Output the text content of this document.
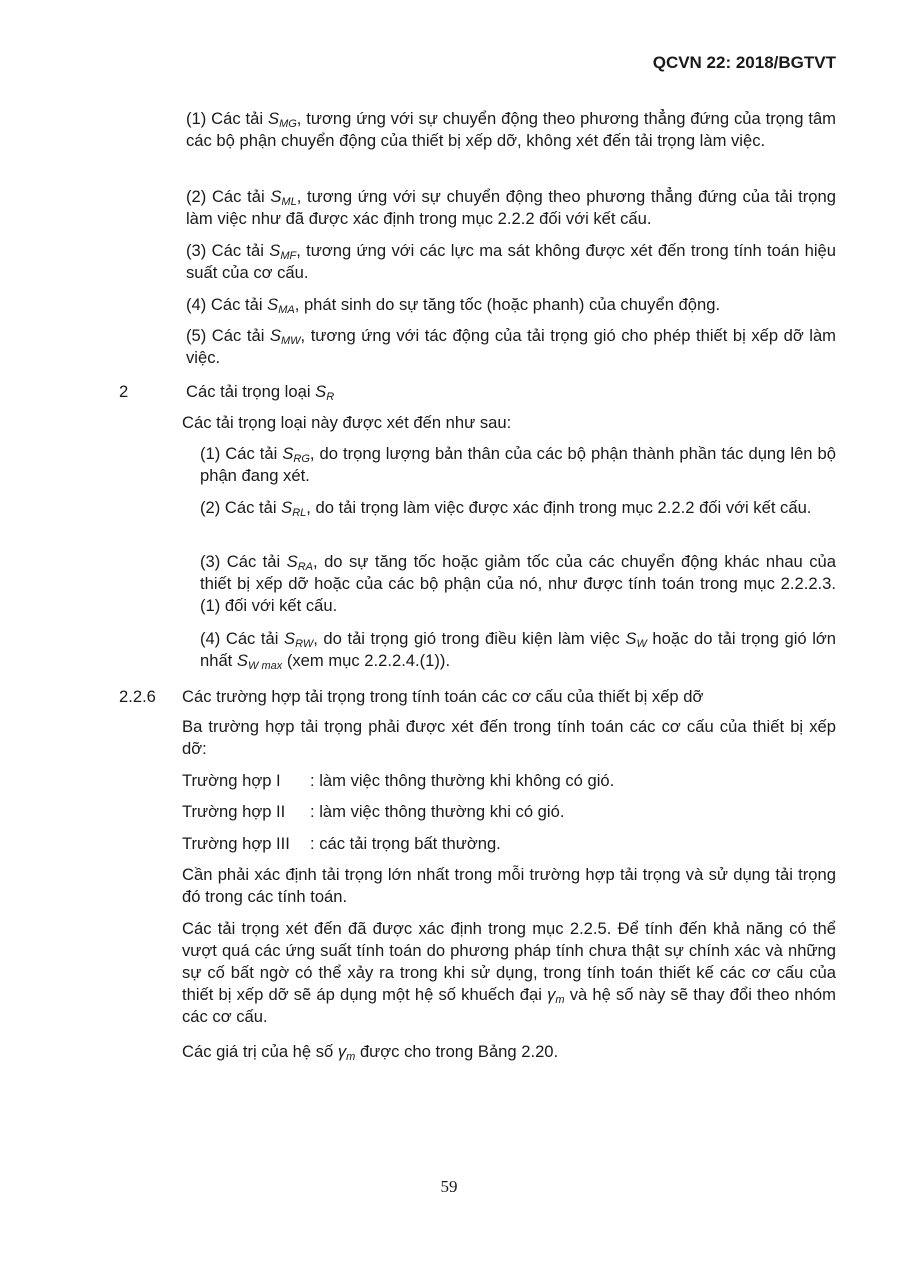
QCVN 22: 2018/BGTVT

(1) Các tải $S_{MG}$, tương ứng với sự chuyển động theo phương thẳng đứng của trọng tâm các bộ phận chuyển động của thiết bị xếp dỡ, không xét đến tải trọng làm việc.

(2) Các tải $S_{ML}$, tương ứng với sự chuyển động theo phương thẳng đứng của tải trọng làm việc như đã được xác định trong mục 2.2.2 đối với kết cấu.

(3) Các tải $S_{MF}$, tương ứng với các lực ma sát không được xét đến trong tính toán hiệu suất của cơ cấu.

(4) Các tải $S_{MA}$, phát sinh do sự tăng tốc (hoặc phanh) của chuyển động.

(5) Các tải $S_{MW}$, tương ứng với tác động của tải trọng gió cho phép thiết bị xếp dỡ làm việc.

2	Các tải trọng loại $S_R$

Các tải trọng loại này được xét đến như sau:

(1) Các tải $S_{RG}$, do trọng lượng bản thân của các bộ phận thành phần tác dụng lên bộ phận đang xét.

(2) Các tải $S_{RL}$, do tải trọng làm việc được xác định trong mục 2.2.2 đối với kết cấu.

(3) Các tải $S_{RA}$, do sự tăng tốc hoặc giảm tốc của các chuyển động khác nhau của thiết bị xếp dỡ hoặc của các bộ phận của nó, như được tính toán trong mục 2.2.2.3.(1) đối với kết cấu.

(4) Các tải $S_{RW}$, do tải trọng gió trong điều kiện làm việc $S_W$ hoặc do tải trọng gió lớn nhất $S_{W max}$ (xem mục 2.2.2.4.(1)).

2.2.6 Các trường hợp tải trọng trong tính toán các cơ cấu của thiết bị xếp dỡ
Ba trường hợp tải trọng phải được xét đến trong tính toán các cơ cấu của thiết bị xếp dỡ:
Trường hợp I : làm việc thông thường khi không có gió.
Trường hợp II : làm việc thông thường khi có gió.
Trường hợp III : các tải trọng bất thường.
Cần phải xác định tải trọng lớn nhất trong mỗi trường hợp tải trọng và sử dụng tải trọng đó trong các tính toán.

Các tải trọng xét đến đã được xác định trong mục 2.2.5. Để tính đến khả năng có thể vượt quá các ứng suất tính toán do phương pháp tính chưa thật sự chính xác và những sự cố bất ngờ có thể xảy ra trong khi sử dụng, trong tính toán thiết kế các cơ cấu của thiết bị xếp dỡ sẽ áp dụng một hệ số khuếch đại $\gamma_m$ và hệ số này sẽ thay đổi theo nhóm các cơ cấu.

Các giá trị của hệ số $\gamma_m$ được cho trong Bảng 2.20.

59
